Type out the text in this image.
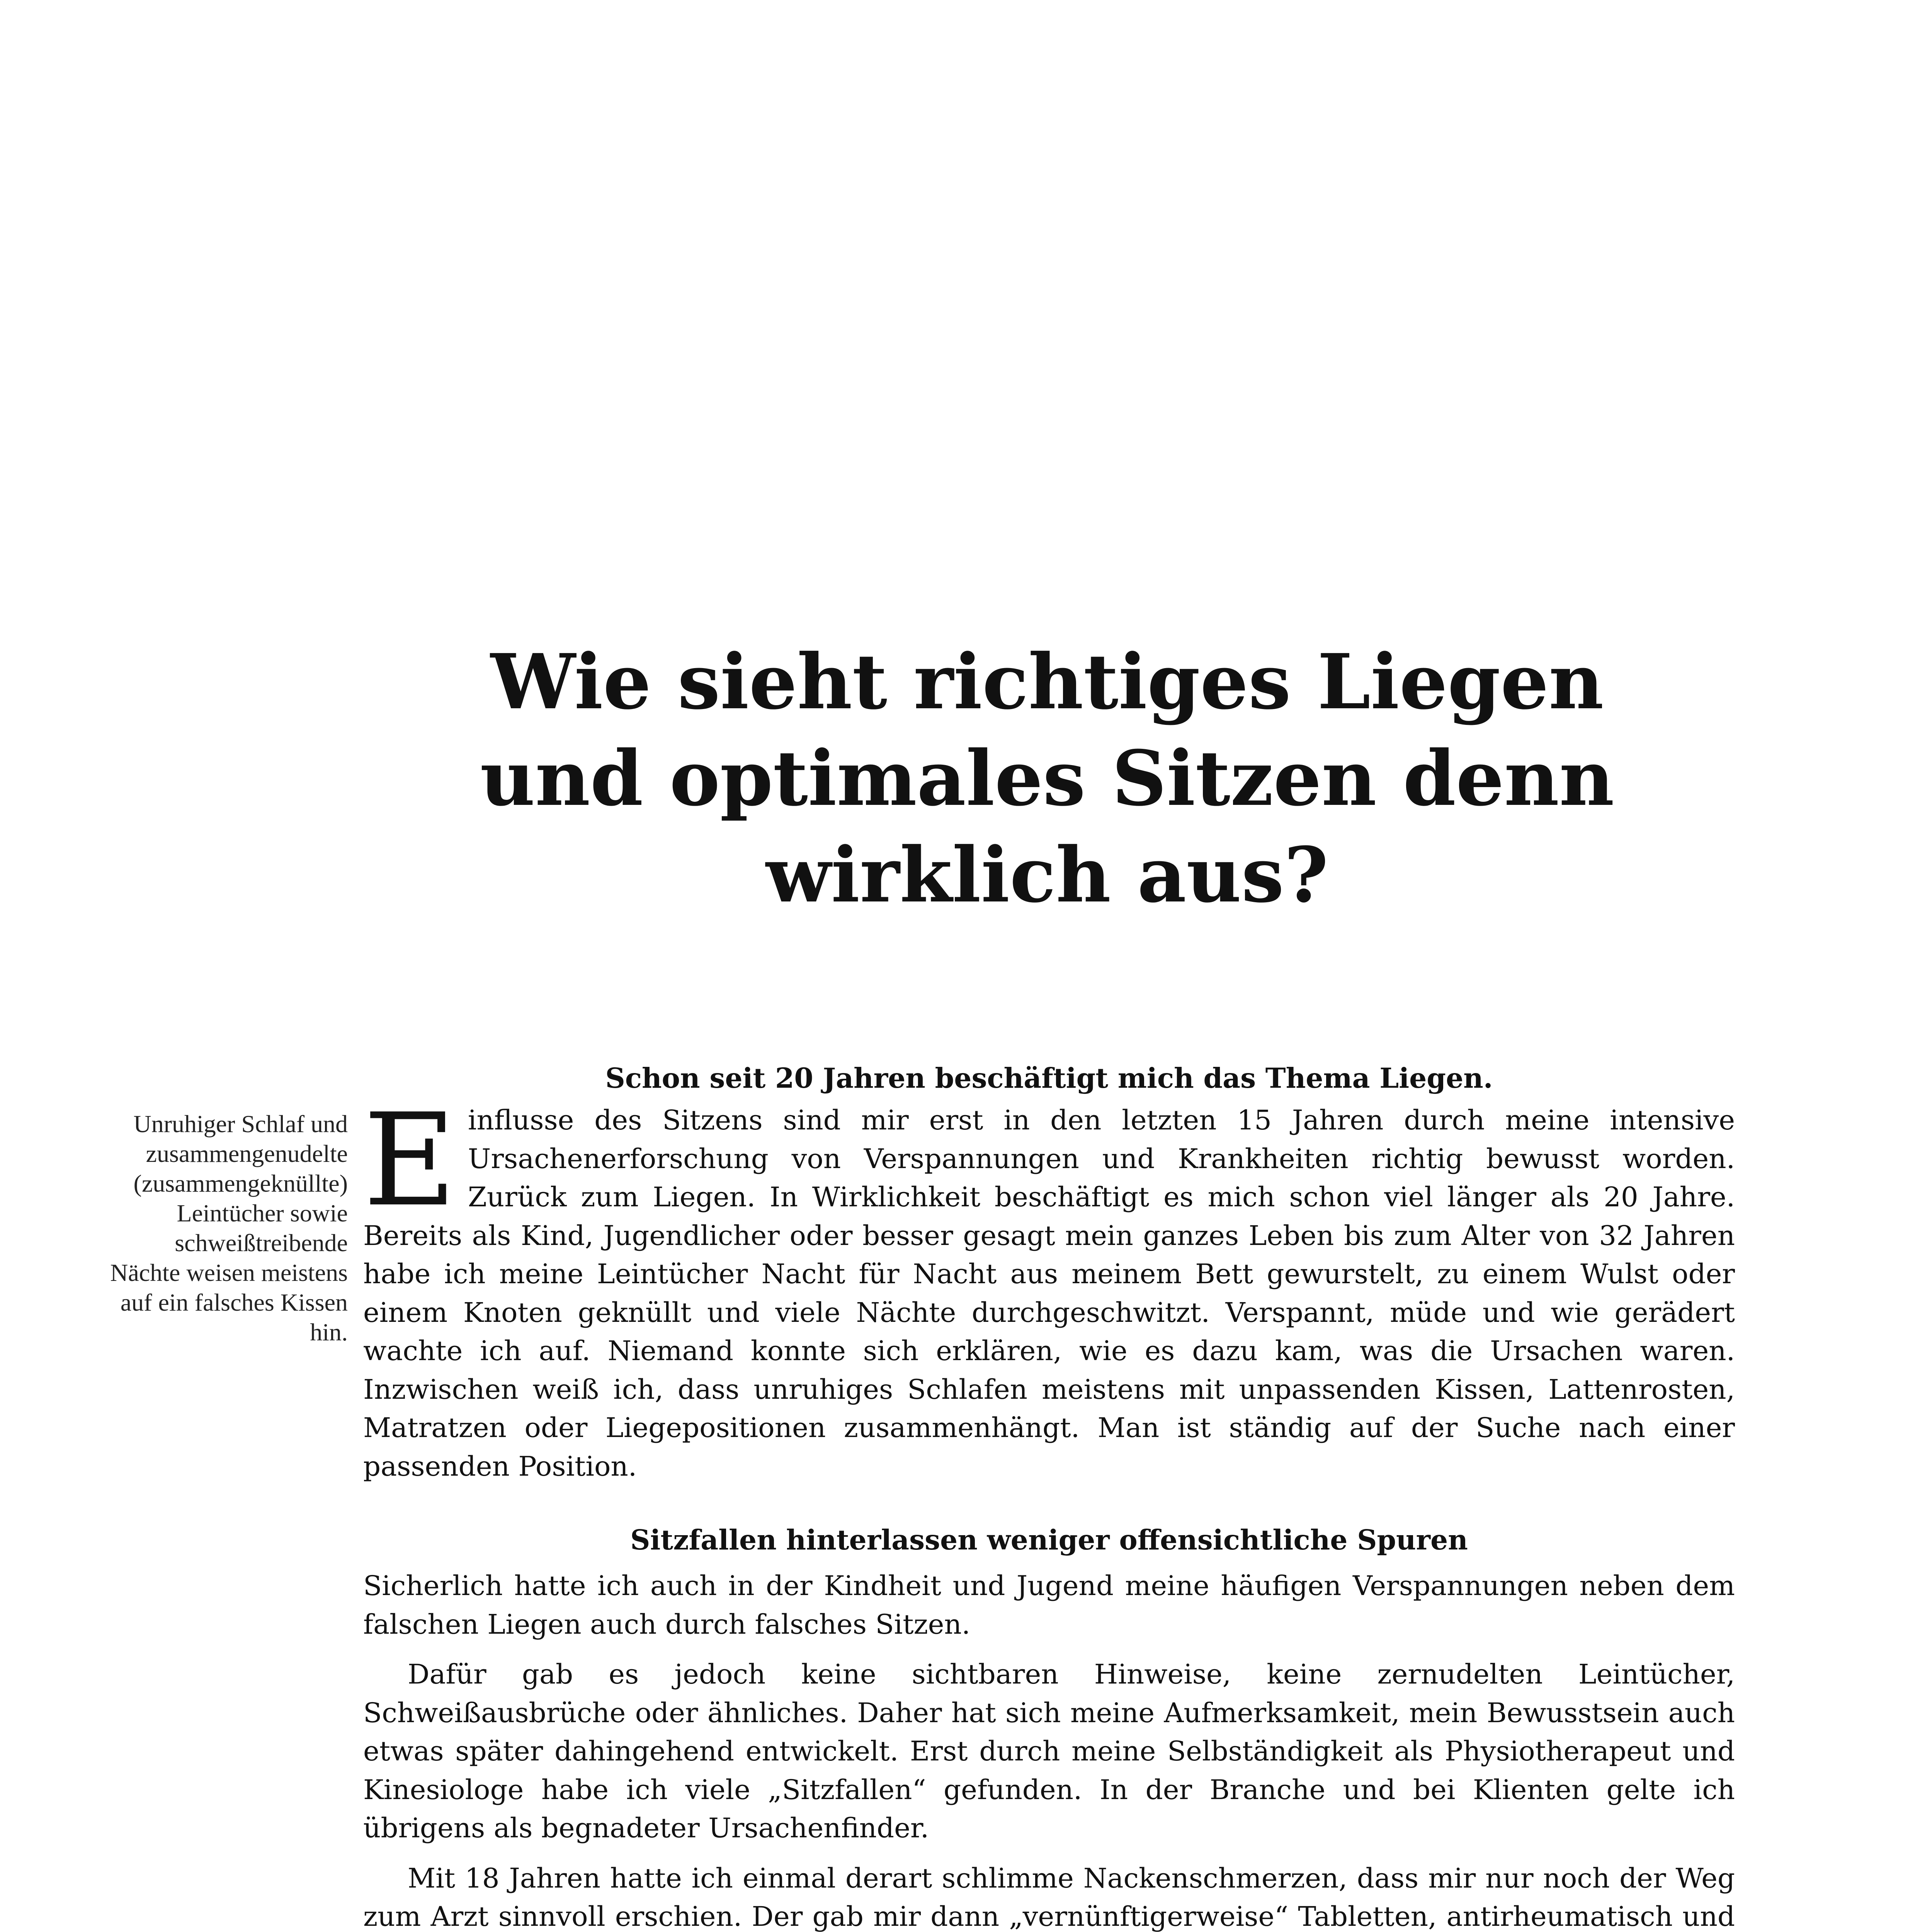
Wie sieht richtiges Liegen und optimales Sitzen denn wirklich aus?

Unruhiger Schlaf und zusammengenudelte (zusammengeknüllte) Leintücher sowie schweißtreibende Nächte weisen meistens auf ein falsches Kissen hin.

Schon seit 20 Jahren beschäftigt mich das Thema Liegen.

Einflusse des Sitzens sind mir erst in den letzten 15 Jahren durch meine intensive Ursachenerforschung von Verspannungen und Krankheiten richtig bewusst worden. Zurück zum Liegen. In Wirklichkeit beschäftigt es mich schon viel länger als 20 Jahre. Bereits als Kind, Jugendlicher oder besser gesagt mein ganzes Leben bis zum Alter von 32 Jahren habe ich meine Leintücher Nacht für Nacht aus meinem Bett gewurstelt, zu einem Wulst oder einem Knoten geknüllt und viele Nächte durchgeschwitzt. Verspannt, müde und wie gerädert wachte ich auf. Niemand konnte sich erklären, wie es dazu kam, was die Ursachen waren. Inzwischen weiß ich, dass unruhiges Schlafen meistens mit unpassenden Kissen, Lattenrosten, Matratzen oder Liegepositionen zusammenhängt. Man ist ständig auf der Suche nach einer passenden Position.

Sitzfallen hinterlassen weniger offensichtliche Spuren

Sicherlich hatte ich auch in der Kindheit und Jugend meine häufigen Verspannungen neben dem falschen Liegen auch durch falsches Sitzen.

Dafür gab es jedoch keine sichtbaren Hinweise, keine zernudelten Leintücher, Schweißausbrüche oder ähnliches. Daher hat sich meine Aufmerksamkeit, mein Bewusstsein auch etwas später dahingehend entwickelt. Erst durch meine Selbständigkeit als Physiotherapeut und Kinesiologe habe ich viele „Sitzfallen“ gefunden. In der Branche und bei Klienten gelte ich übrigens als begnadeter Ursachenfinder.

Mit 18 Jahren hatte ich einmal derart schlimme Nackenschmerzen, dass mir nur noch der Weg zum Arzt sinnvoll erschien. Der gab mir dann „vernünftigerweise“ Tabletten, antirheumatisch und
